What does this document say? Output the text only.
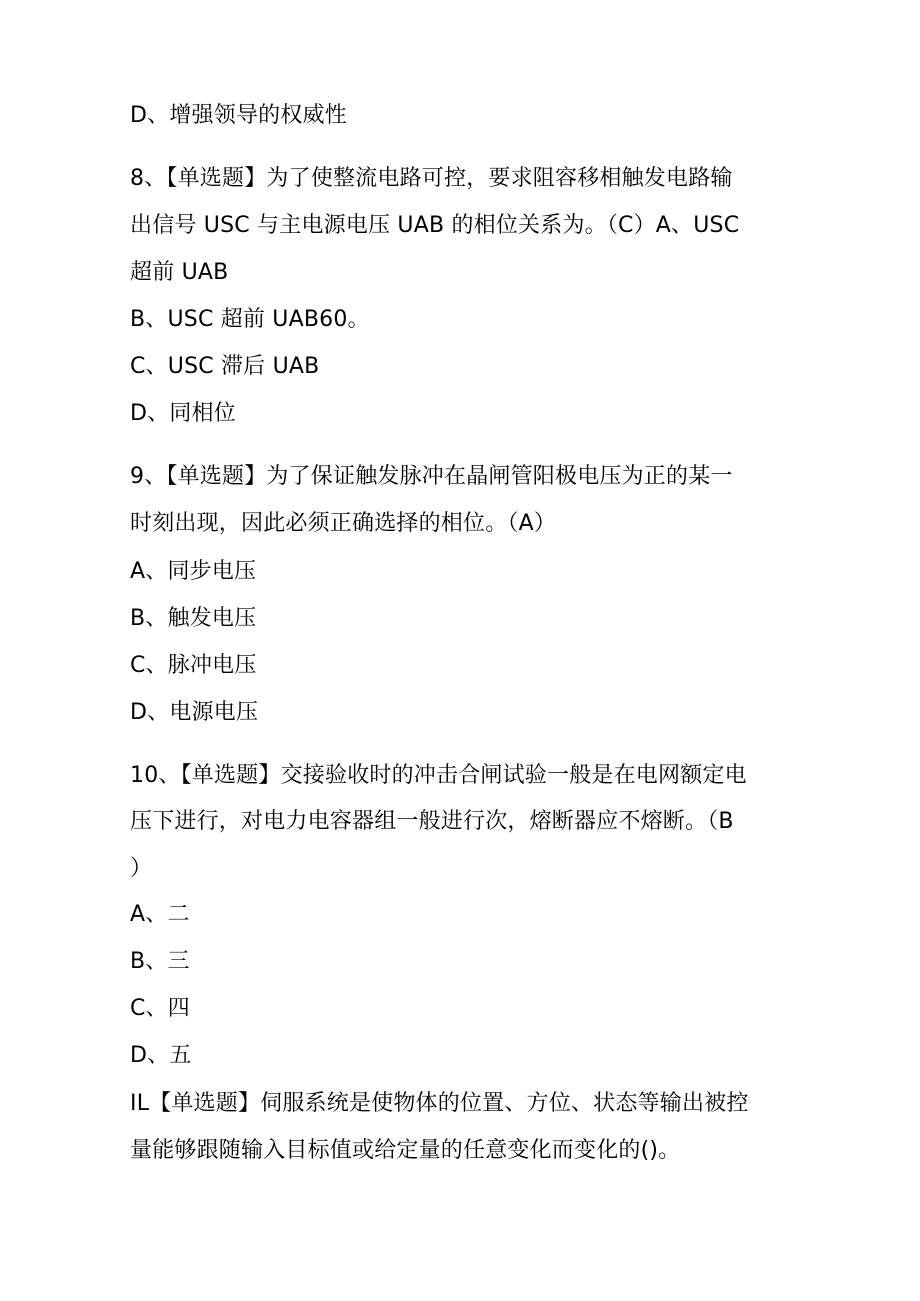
D、增强领导的权威性
8、【单选题】为了使整流电路可控，要求阻容移相触发电路输
出信号 USC 与主电源电压 UAB 的相位关系为。（C）A、USC
超前 UAB
B、USC 超前 UAB60。
C、USC 滞后 UAB
D、同相位
9、【单选题】为了保证触发脉冲在晶闸管阳极电压为正的某一
时刻出现，因此必须正确选择的相位。（A）
A、同步电压
B、触发电压
C、脉冲电压
D、电源电压
10、【单选题】交接验收时的冲击合闸试验一般是在电网额定电
压下进行，对电力电容器组一般进行次，熔断器应不熔断。（B
）
A、二
B、三
C、四
D、五
IL【单选题】伺服系统是使物体的位置、方位、状态等输出被控
量能够跟随输入目标值或给定量的任意变化而变化的()。
